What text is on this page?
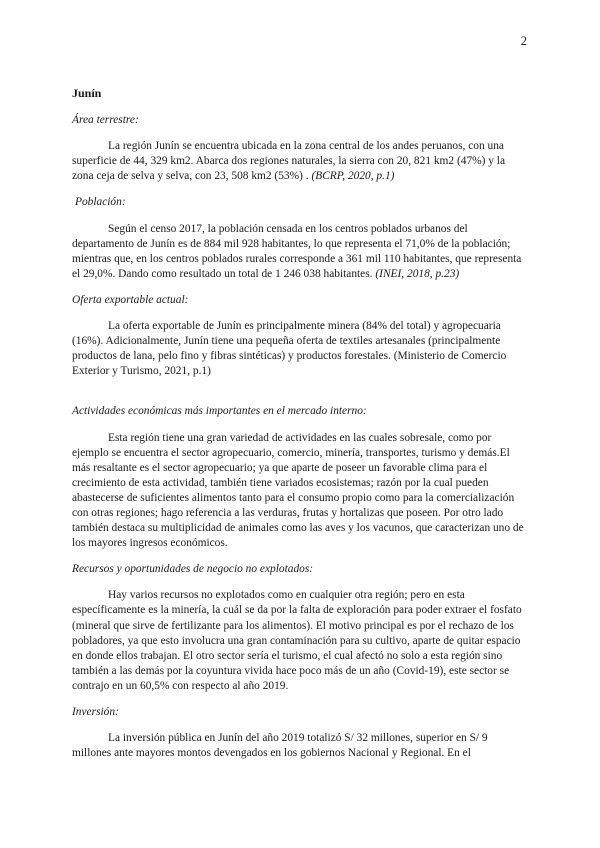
2
Junín
Área terrestre:

La región Junín se encuentra ubicada en la zona central de los andes peruanos, con una superficie de 44, 329 km2. Abarca dos regiones naturales, la sierra con 20, 821 km2 (47%) y la zona ceja de selva y selva, con 23, 508 km2 (53%) . (BCRP, 2020, p.1)

Población:

Según el censo 2017, la población censada en los centros poblados urbanos del departamento de Junín es de 884 mil 928 habitantes, lo que representa el 71,0% de la población; mientras que, en los centros poblados rurales corresponde a 361 mil 110 habitantes, que representa el 29,0%. Dando como resultado un total de 1 246 038 habitantes. (INEI, 2018, p.23)

Oferta exportable actual:

La oferta exportable de Junín es principalmente minera (84% del total) y agropecuaria (16%). Adicionalmente, Junín tiene una pequeña oferta de textiles artesanales (principalmente productos de lana, pelo fino y fibras sintéticas) y productos forestales. (Ministerio de Comercio Exterior y Turismo, 2021, p.1)

Actividades económicas más importantes en el mercado interno:

Esta región tiene una gran variedad de actividades en las cuales sobresale, como por ejemplo se encuentra el sector agropecuario, comercio, minería, transportes, turismo y demás.El más resaltante es el sector agropecuario; ya que aparte de poseer un favorable clima para el crecimiento de esta actividad, también tiene variados ecosistemas; razón por la cual pueden abastecerse de suficientes alimentos tanto para el consumo propio como para la comercialización con otras regiones; hago referencia a las verduras, frutas y hortalizas que poseen. Por otro lado también destaca su multiplicidad de animales como las aves y los vacunos, que caracterizan uno de los mayores ingresos económicos.

Recursos y oportunidades de negocio no explotados:

Hay varios recursos no explotados como en cualquier otra región; pero en esta específicamente es la minería, la cuál se da por la falta de exploración para poder extraer el fosfato (mineral que sirve de fertilizante para los alimentos). El motivo principal es por el rechazo de los pobladores, ya que esto involucra una gran contaminación para su cultivo, aparte de quitar espacio en donde ellos trabajan. El otro sector sería el turismo, el cual afectó no solo a esta región sino también a las demás por la coyuntura vivida hace poco más de un año (Covid-19), este sector se contrajo en un 60,5% con respecto al año 2019.

Inversión:

La inversión pública en Junín del año 2019 totalizó S/ 32 millones, superior en S/ 9 millones ante mayores montos devengados en los gobiernos Nacional y Regional. En el
